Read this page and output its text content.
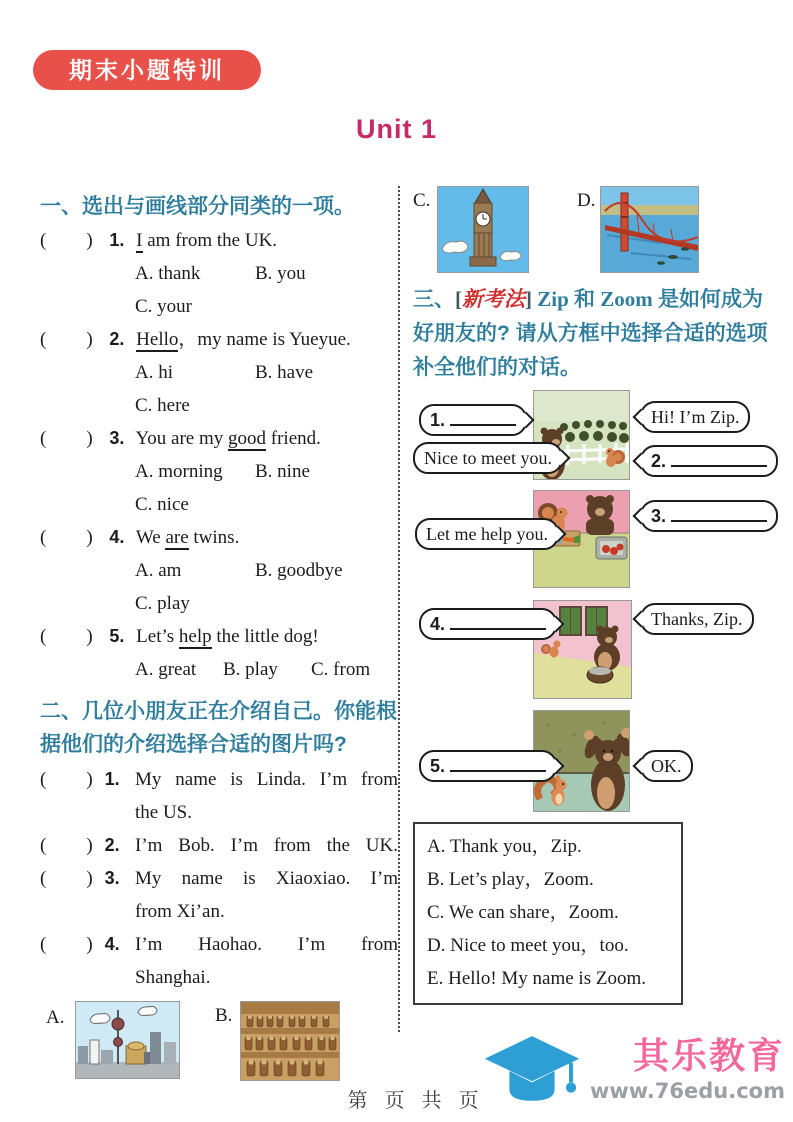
期末小题特训
Unit 1
一、选出与画线部分同类的一项。
( ) 1. I am from the UK.
A. thank	B. you
C. your
( ) 2. Hello，my name is Yueyue.
A. hi	B. have
C. here
( ) 3. You are my good friend.
A. morning B. nine
C. nice
( ) 4. We are twins.
A. am	B. goodbye
C. play
( ) 5. Let’s help the little dog!
A. great B. play C. from
二、几位小朋友正在介绍自己。你能根据他们的介绍选择合适的图片吗?
( ) 1. My name is Linda. I’m from
the US.
( ) 2. I’m Bob. I’m from the UK.
( ) 3. My name is Xiaoxiao. I’m
from Xi’an.
( ) 4. I’m Haohao. I’m from
Shanghai.
A.	B.
C.	D.
三、[新考法] Zip 和 Zoom 是如何成为
好朋友的? 请从方框中选择合适的选项
补全他们的对话。
1.
Nice to meet you.
Hi! I’m Zip.
2.
Let me help you.
3.
4.	Thanks, Zip.
5.	OK.
A. Thank you，Zip.
B. Let’s play，Zoom.
C. We can share，Zoom.
D. Nice to meet you，too.
E. Hello! My name is Zoom.
第 页 共 页
其乐教育
www.76edu.com
